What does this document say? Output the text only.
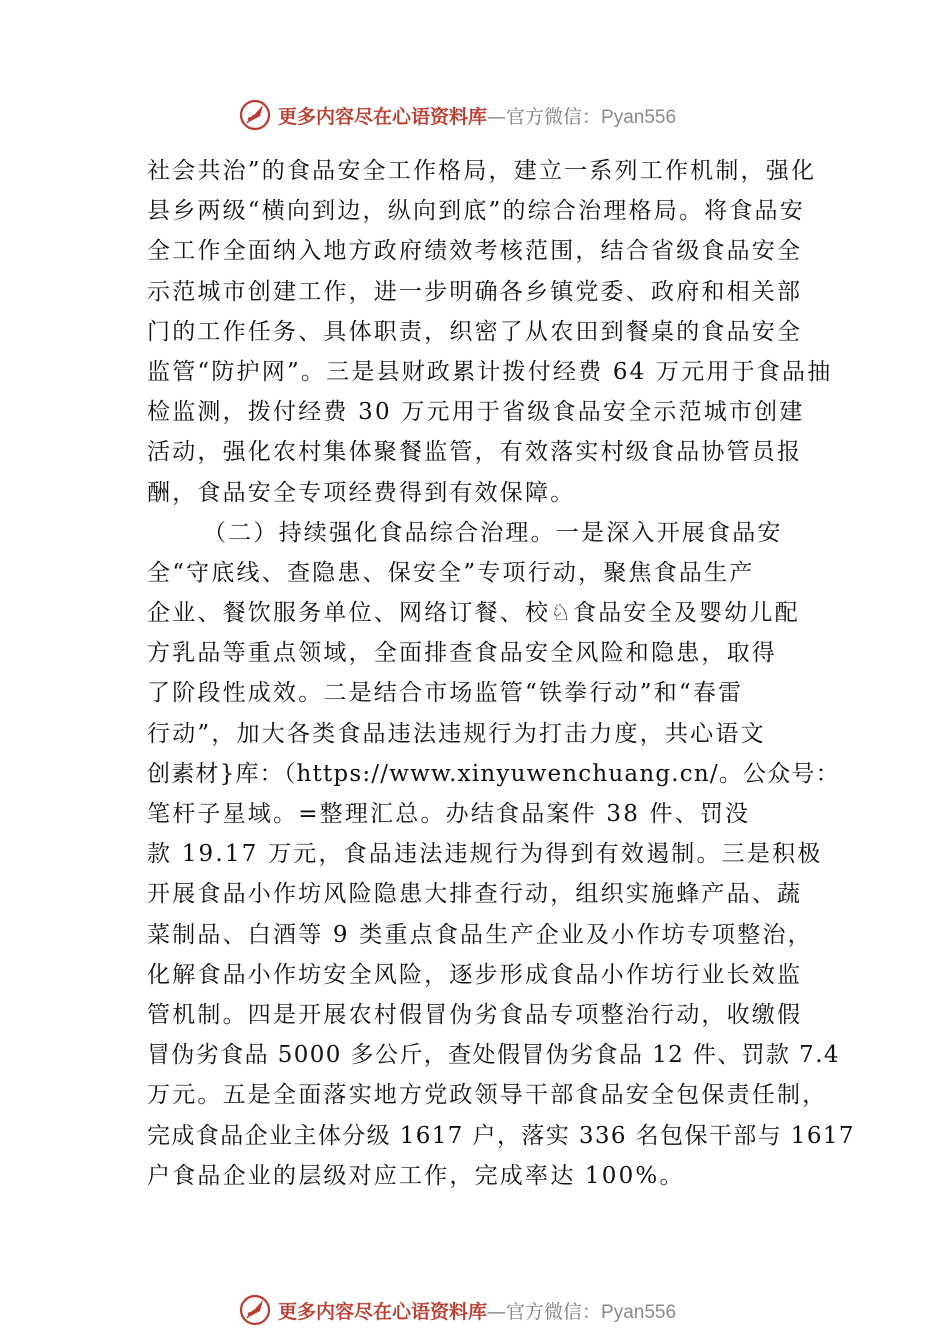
更多内容尽在心语资料库—官方微信：Pyan556
社会共治”的食品安全工作格局，建立一系列工作机制，强化
县乡两级“横向到边，纵向到底”的综合治理格局。将食品安
全工作全面纳入地方政府绩效考核范围，结合省级食品安全
示范城市创建工作，进一步明确各乡镇党委、政府和相关部
门的工作任务、具体职责，织密了从农田到餐桌的食品安全
监管“防护网”。三是县财政累计拨付经费 64 万元用于食品抽
检监测，拨付经费 30 万元用于省级食品安全示范城市创建
活动，强化农村集体聚餐监管，有效落实村级食品协管员报
酬，食品安全专项经费得到有效保障。
（二）持续强化食品综合治理。一是深入开展食品安
全“守底线、查隐患、保安全”专项行动，聚焦食品生产
企业、餐饮服务单位、网络订餐、校♘食品安全及婴幼儿配
方乳品等重点领域，全面排查食品安全风险和隐患，取得
了阶段性成效。二是结合市场监管“铁拳行动”和“春雷
行动”，加大各类食品违法违规行为打击力度，共心语文
创素材}库：（https://www.xinyuwenchuang.cn/。公众号：
笔杆子星域。=整理汇总。办结食品案件 38 件、罚没
款 19.17 万元，食品违法违规行为得到有效遏制。三是积极
开展食品小作坊风险隐患大排查行动，组织实施蜂产品、蔬
菜制品、白酒等 9 类重点食品生产企业及小作坊专项整治，
化解食品小作坊安全风险，逐步形成食品小作坊行业长效监
管机制。四是开展农村假冒伪劣食品专项整治行动，收缴假
冒伪劣食品 5000 多公斤，查处假冒伪劣食品 12 件、罚款 7.4
万元。五是全面落实地方党政领导干部食品安全包保责任制，
完成食品企业主体分级 1617 户，落实 336 名包保干部与 1617
户食品企业的层级对应工作，完成率达 100%。
更多内容尽在心语资料库—官方微信：Pyan556
